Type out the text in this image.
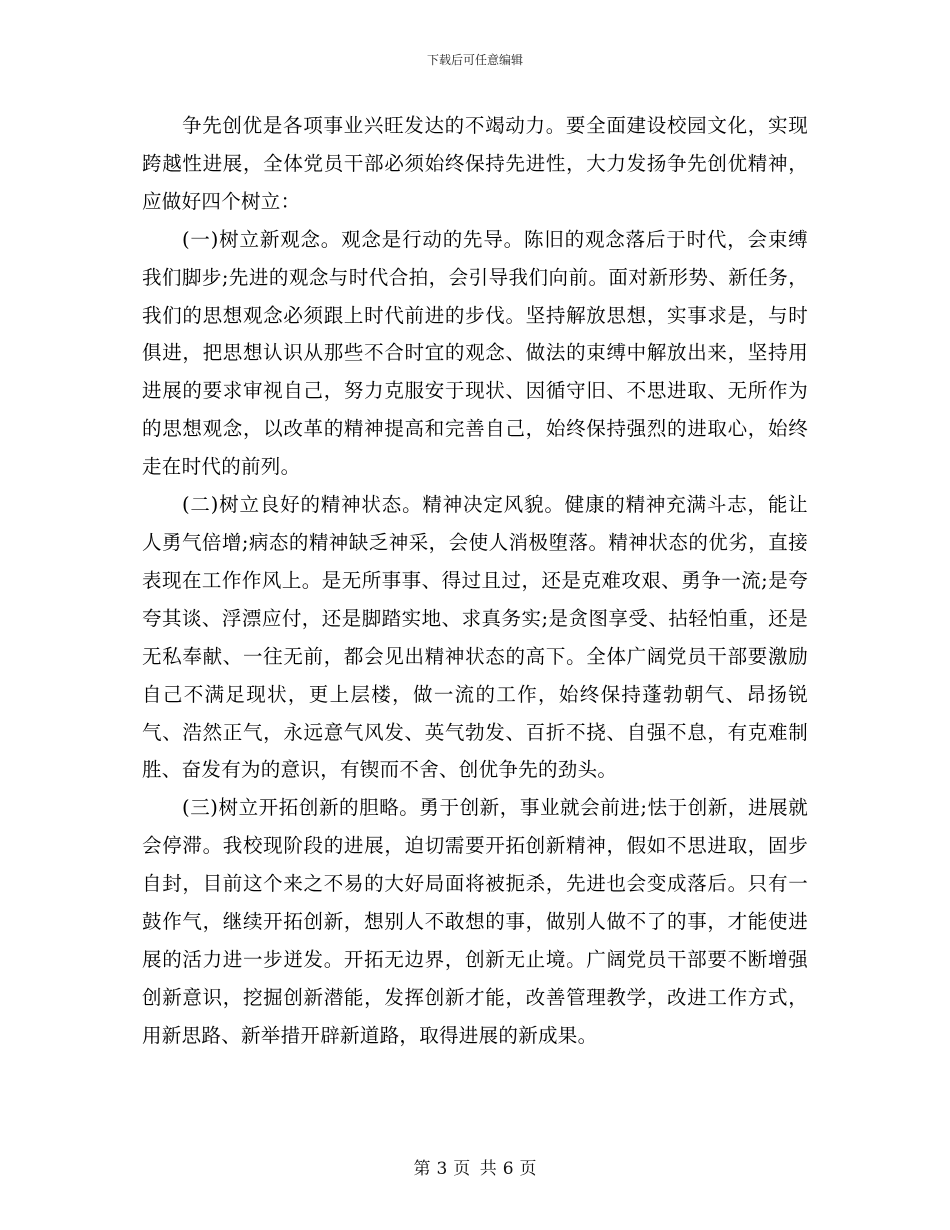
下载后可任意编辑

争先创优是各项事业兴旺发达的不竭动力。要全面建设校园文化，实现跨越性进展，全体党员干部必须始终保持先进性，大力发扬争先创优精神，应做好四个树立：

(一)树立新观念。观念是行动的先导。陈旧的观念落后于时代，会束缚我们脚步;先进的观念与时代合拍，会引导我们向前。面对新形势、新任务，我们的思想观念必须跟上时代前进的步伐。坚持解放思想，实事求是，与时俱进，把思想认识从那些不合时宜的观念、做法的束缚中解放出来，坚持用进展的要求审视自己，努力克服安于现状、因循守旧、不思进取、无所作为的思想观念，以改革的精神提高和完善自己，始终保持强烈的进取心，始终走在时代的前列。

(二)树立良好的精神状态。精神决定风貌。健康的精神充满斗志，能让人勇气倍增;病态的精神缺乏神采，会使人消极堕落。精神状态的优劣，直接表现在工作作风上。是无所事事、得过且过，还是克难攻艰、勇争一流;是夸夸其谈、浮漂应付，还是脚踏实地、求真务实;是贪图享受、拈轻怕重，还是无私奉献、一往无前，都会见出精神状态的高下。全体广阔党员干部要激励自己不满足现状，更上层楼，做一流的工作，始终保持蓬勃朝气、昂扬锐气、浩然正气，永远意气风发、英气勃发、百折不挠、自强不息，有克难制胜、奋发有为的意识，有锲而不舍、创优争先的劲头。

(三)树立开拓创新的胆略。勇于创新，事业就会前进;怯于创新，进展就会停滞。我校现阶段的进展，迫切需要开拓创新精神，假如不思进取，固步自封，目前这个来之不易的大好局面将被扼杀，先进也会变成落后。只有一鼓作气，继续开拓创新，想别人不敢想的事，做别人做不了的事，才能使进展的活力进一步迸发。开拓无边界，创新无止境。广阔党员干部要不断增强创新意识，挖掘创新潜能，发挥创新才能，改善管理教学，改进工作方式，用新思路、新举措开辟新道路，取得进展的新成果。

第 3 页 共 6 页
